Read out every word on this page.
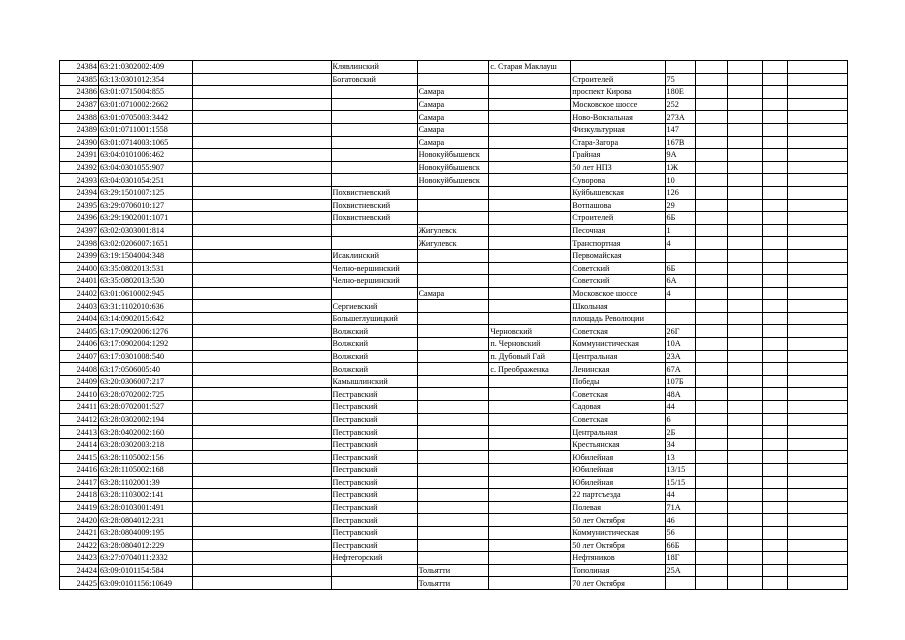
24384	63:21:0302002:409		Клявлинский		с. Старая Маклауш						
24385	63:13:0301012:354		Богатовский			Строителей	75				
24386	63:01:0715004:855			Самара		проспект Кирова	180Е				
24387	63:01:0710002:2662			Самара		Московское шоссе	252				
24388	63:01:0705003:3442			Самара		Ново-Вокзальная	273А				
24389	63:01:0711001:1558			Самара		Физкультурная	147				
24390	63:01:0714003:1065			Самара		Стара-Загора	167В				
24391	63:04:0101006:462			Новокуйбышевск		Грайная	9А				
24392	63:04:0301055:907			Новокуйбышевск		50 лет НПЗ	1Ж				
24393	63:04:0301054:251			Новокуйбышевск		Суворова	10				
24394	63:29:1501007:125		Похвистневский			Куйбышевская	126				
24395	63:29:0706010:127		Похвистневский			Вотпашова	29				
24396	63:29:1902001:1071		Похвистневский			Строителей	6Б				
24397	63:02:0303001:814			Жигулевск		Песочная	1				
24398	63:02:0206007:1651			Жигулевск		Транспортная	4				
24399	63:19:1504004:348		Исаклинский			Первомайская					
24400	63:35:0802013:531		Челно-вершинский			Советский	6Б				
24401	63:35:0802013:530		Челно-вершинский			Советский	6А				
24402	63:01:0610002:945			Самара		Московское шоссе	4				
24403	63:31:1102010:636		Сергиевский			Школьная					
24404	63:14:0902015:642		Большеглушицкий			площадь Революции					
24405	63:17:0902006:1276		Волжский		Черновский	Советская	26Г				
24406	63:17:0902004:1292		Волжский		п. Черновский	Коммунистическая	10А				
24407	63:17:0301008:540		Волжский		п. Дубовый Гай	Центральная	23А				
24408	63:17:0506005:40		Волжский		с. Преображенка	Ленинская	67А				
24409	63:20:0306007:217		Камышлинский			Победы	107Б				
24410	63:28:0702002:725		Пестравский			Советская	48А				
24411	63:28:0702001:527		Пестравский			Садовая	44				
24412	63:28:0302002:194		Пестравский			Советская	6				
24413	63:28:0402002:160		Пестравский			Центральная	2Б				
24414	63:28:0302003:218		Пестравский			Крестьянская	34				
24415	63:28:1105002:156		Пестравский			Юбилейная	13				
24416	63:28:1105002:168		Пестравский			Юбилейная	13/15				
24417	63:28:1102001:39		Пестравский			Юбилейная	15/15				
24418	63:28:1103002:141		Пестравский			22 партсъезда	44				
24419	63:28:0103001:491		Пестравский			Полевая	71А				
24420	63:28:0804012:231		Пестравский			50 лет Октября	46				
24421	63:28:0804009:195		Пестравский			Коммунистическая	56				
24422	63:28:0804012:229		Пестравский			50 лет Октября	66Б				
24423	63:27:0704011:2332		Нефтегорский			Нефтяников	18Г				
24424	63:09:0101154:584			Тольятти		Тополиная	25А				
24425	63:09:0101156:10649			Тольятти		70 лет Октября					
